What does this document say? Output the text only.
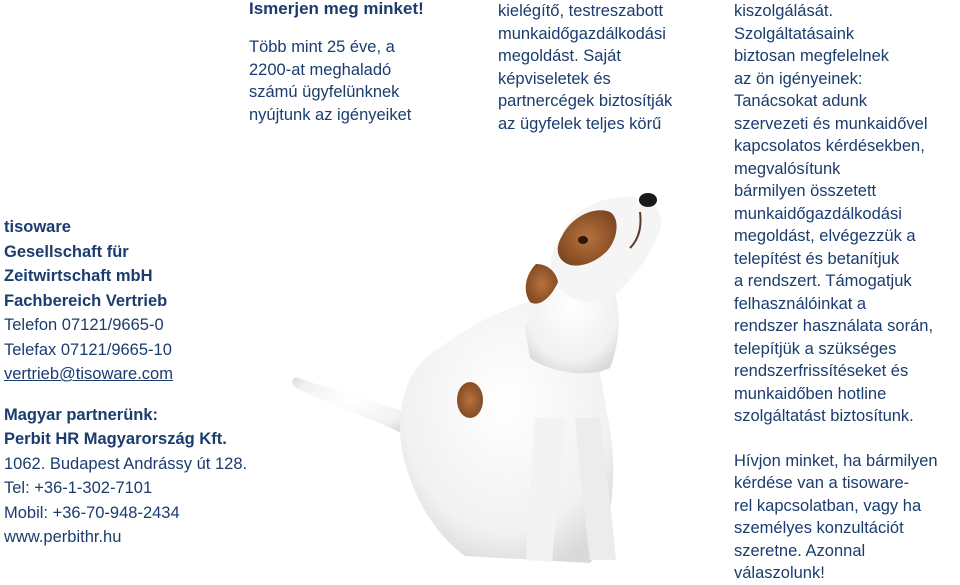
tisoware
Gesellschaft für
Zeitwirtschaft mbH
Fachbereich Vertrieb
Telefon 07121/9665-0
Telefax 07121/9665-10
vertrieb@tisoware.com
Magyar partnerünk:
Perbit HR Magyarország Kft.
1062. Budapest Andrássy út 128.
Tel: +36-1-302-7101
Mobil: +36-70-948-2434
www.perbithr.hu
Ismerjen meg minket!
Több mint 25 éve, a
2200-at meghaladó
számú ügyfelünknek
nyújtunk az igényeiket
kielégítő, testreszabott
munkaidőgazdálkodási
megoldást. Saját
képviseletek és
partnercégek biztosítják
az ügyfelek teljes körű
kiszolgálását.
Szolgáltatásaink
biztosan megfelelnek
az ön igényeinek:
Tanácsokat adunk
szervezeti és munkaidővel
kapcsolatos kérdésekben,
megvalósítunk
bármilyen összetett
munkaidőgazdálkodási
megoldást, elvégezzük a
telepítést és betanítjuk
a rendszert. Támogatjuk
felhasználóinkat a
rendszer használata során,
telepítjük a szükséges
rendszerfrissítéseket és
munkaidőben hotline
szolgáltatást biztosítunk.
Hívjon minket, ha bármilyen
kérdése van a tisoware-
rel kapcsolatban, vagy ha
személyes konzultációt
szeretne. Azonnal
válaszolunk!
